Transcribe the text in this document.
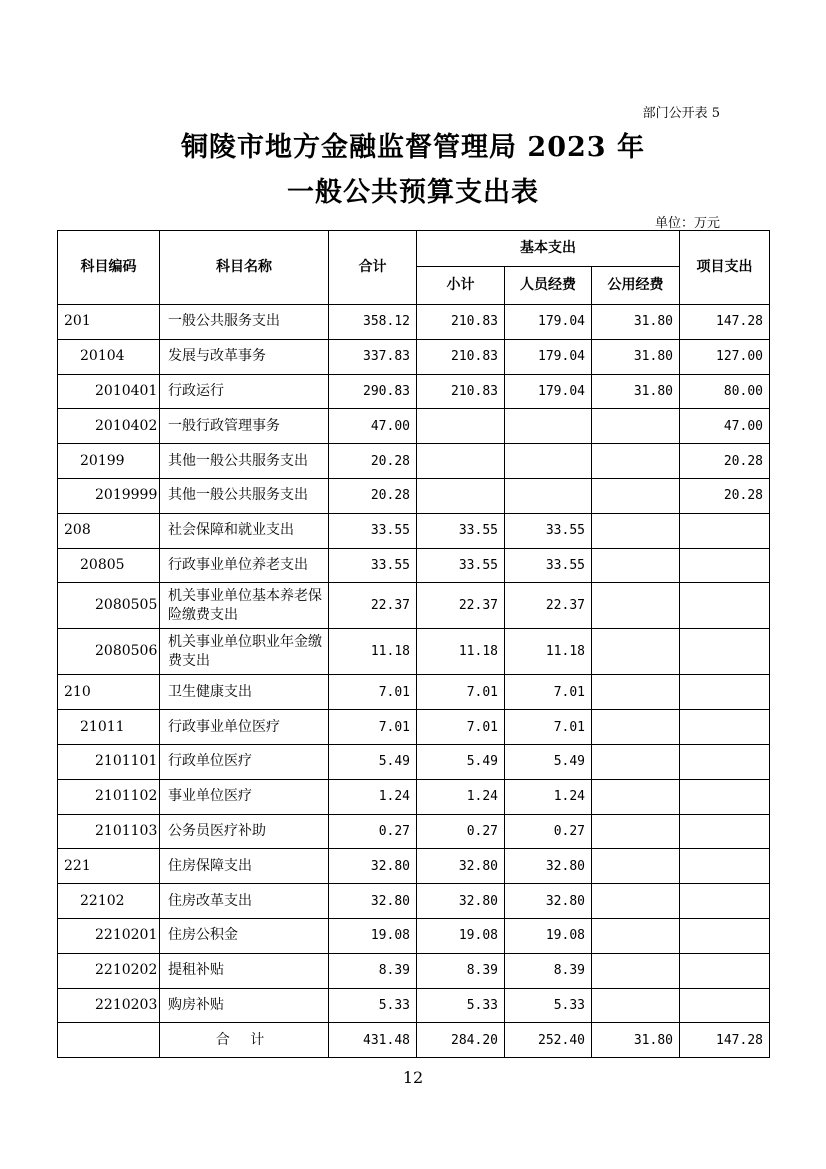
部门公开表 5
铜陵市地方金融监督管理局 2023 年
一般公共预算支出表
单位：万元
科目编码	科目名称	合计	基本支出			项目支出
			小计	人员经费	公用经费	
201	一般公共服务支出	358.12	210.83	179.04	31.80	147.28
20104	发展与改革事务	337.83	210.83	179.04	31.80	127.00
2010401	行政运行	290.83	210.83	179.04	31.80	80.00
2010402	一般行政管理事务	47.00				47.00
20199	其他一般公共服务支出	20.28				20.28
2019999	其他一般公共服务支出	20.28				20.28
208	社会保障和就业支出	33.55	33.55	33.55		
20805	行政事业单位养老支出	33.55	33.55	33.55		
2080505	机关事业单位基本养老保险缴费支出	22.37	22.37	22.37		
2080506	机关事业单位职业年金缴费支出	11.18	11.18	11.18		
210	卫生健康支出	7.01	7.01	7.01		
21011	行政事业单位医疗	7.01	7.01	7.01		
2101101	行政单位医疗	5.49	5.49	5.49		
2101102	事业单位医疗	1.24	1.24	1.24		
2101103	公务员医疗补助	0.27	0.27	0.27		
221	住房保障支出	32.80	32.80	32.80		
22102	住房改革支出	32.80	32.80	32.80		
2210201	住房公积金	19.08	19.08	19.08		
2210202	提租补贴	8.39	8.39	8.39		
2210203	购房补贴	5.33	5.33	5.33		
	合 计	431.48	284.20	252.40	31.80	147.28
12
